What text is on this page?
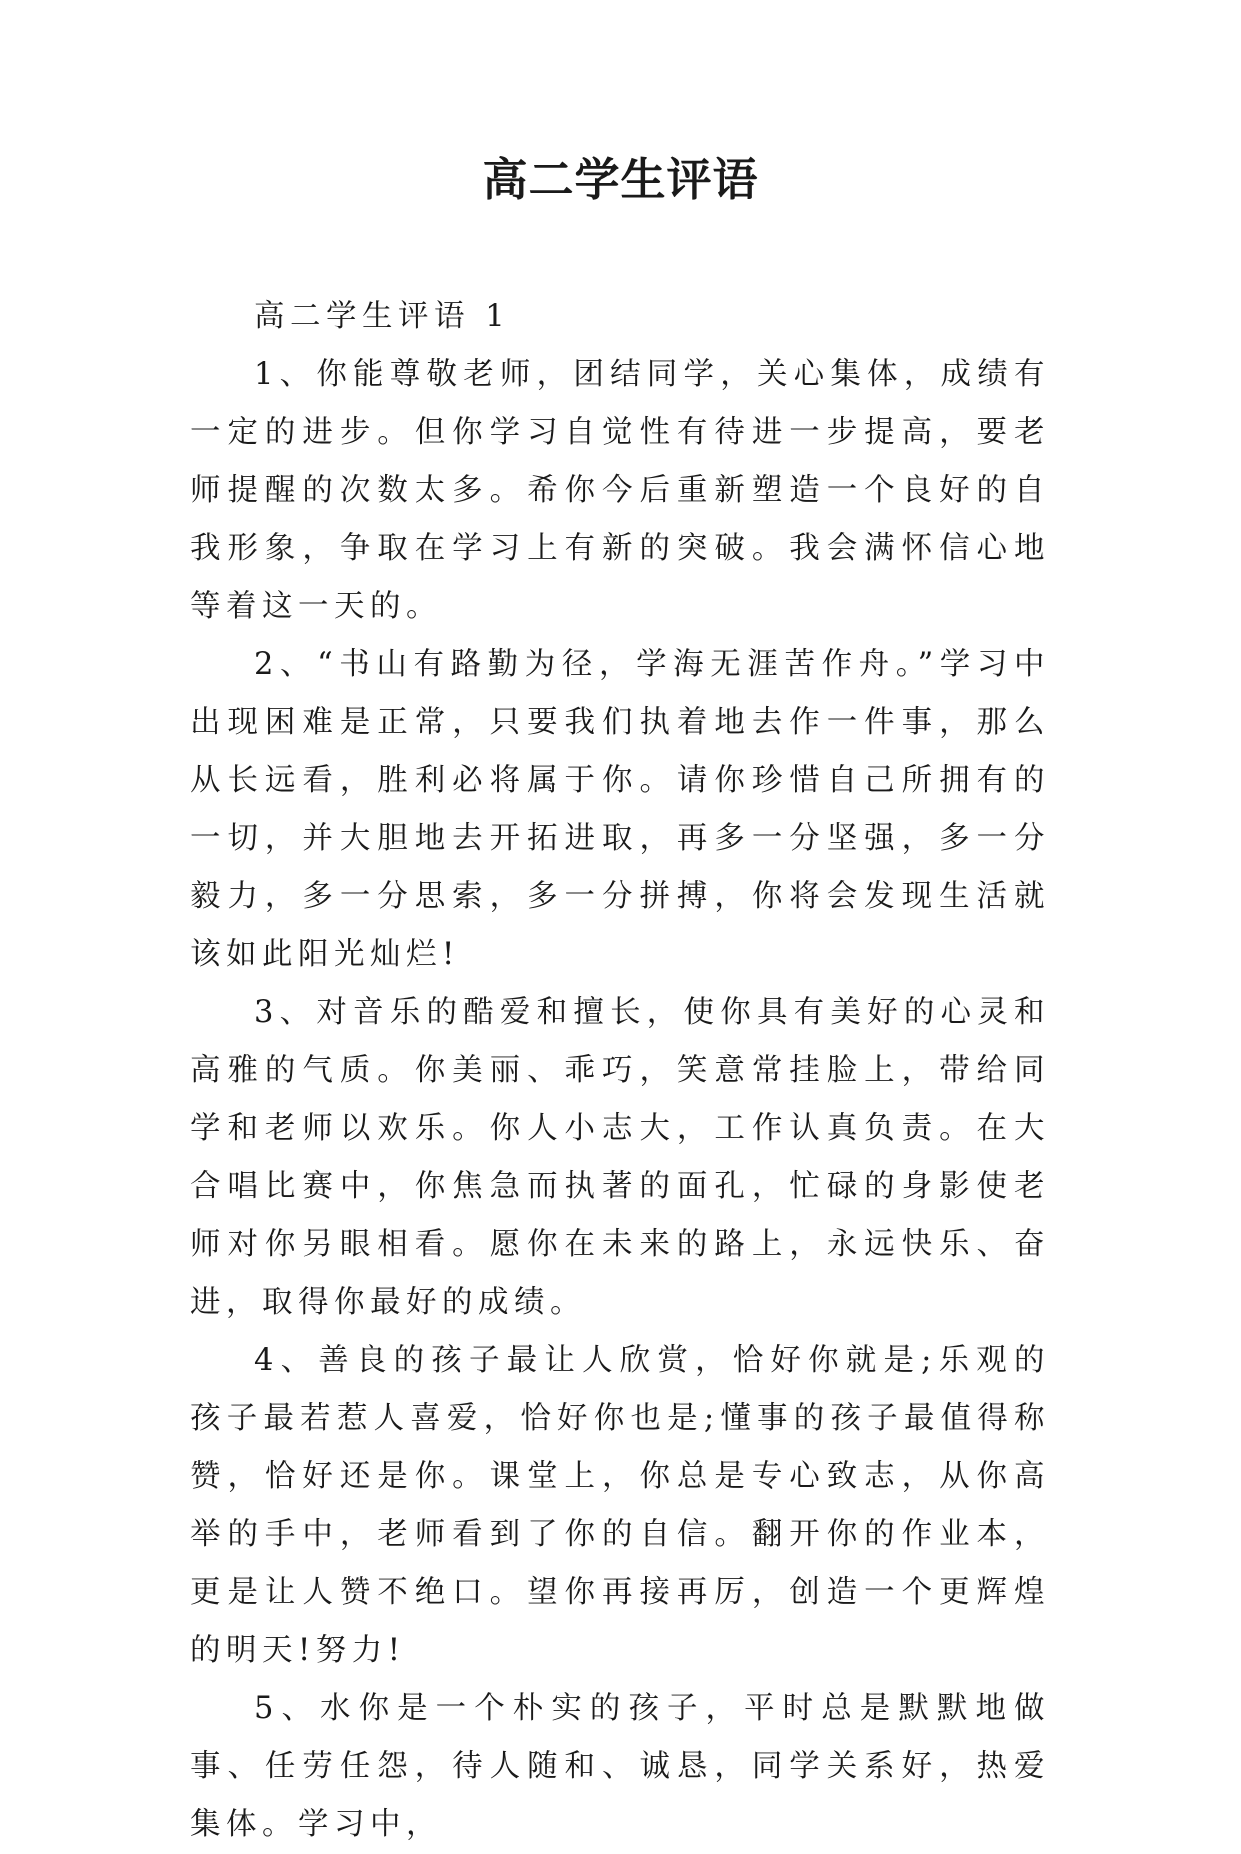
高二学生评语

高二学生评语 1

1、你能尊敬老师，团结同学，关心集体，成绩有一定的进步。但你学习自觉性有待进一步提高，要老师提醒的次数太多。希你今后重新塑造一个良好的自我形象，争取在学习上有新的突破。我会满怀信心地等着这一天的。

2、“书山有路勤为径，学海无涯苦作舟。”学习中出现困难是正常，只要我们执着地去作一件事，那么从长远看，胜利必将属于你。请你珍惜自己所拥有的一切，并大胆地去开拓进取，再多一分坚强，多一分毅力，多一分思索，多一分拼搏，你将会发现生活就该如此阳光灿烂!

3、对音乐的酷爱和擅长，使你具有美好的心灵和高雅的气质。你美丽、乖巧，笑意常挂脸上，带给同学和老师以欢乐。你人小志大，工作认真负责。在大合唱比赛中，你焦急而执著的面孔，忙碌的身影使老师对你另眼相看。愿你在未来的路上，永远快乐、奋进，取得你最好的成绩。

4、善良的孩子最让人欣赏，恰好你就是;乐观的孩子最若惹人喜爱，恰好你也是;懂事的孩子最值得称赞，恰好还是你。课堂上，你总是专心致志，从你高举的手中，老师看到了你的自信。翻开你的作业本，更是让人赞不绝口。望你再接再厉，创造一个更辉煌的明天!努力!

5、水你是一个朴实的孩子，平时总是默默地做事、任劳任怨，待人随和、诚恳，同学关系好，热爱集体。学习中，
